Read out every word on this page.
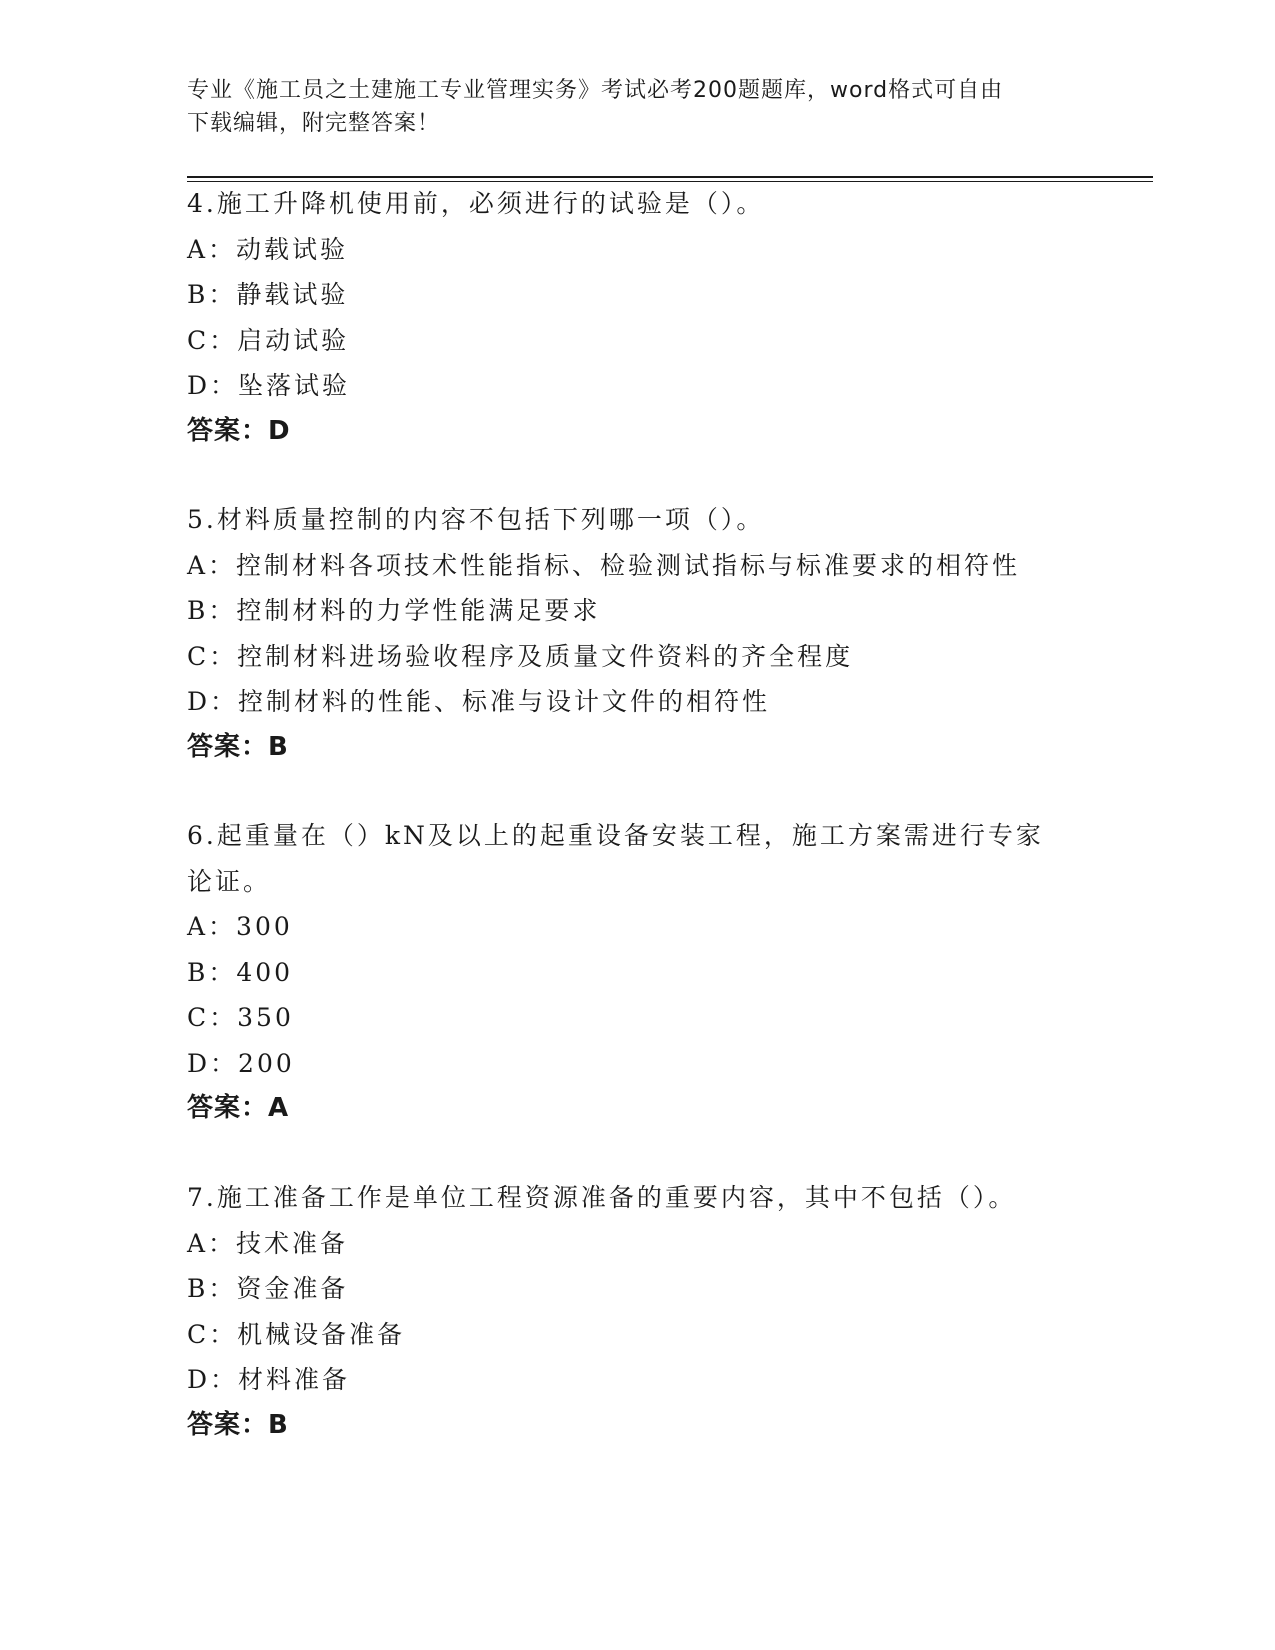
专业《施工员之土建施工专业管理实务》考试必考200题题库，word格式可自由
下载编辑，附完整答案！
4.施工升降机使用前，必须进行的试验是（）。
A：动载试验
B：静载试验
C：启动试验
D：坠落试验
答案：D
5.材料质量控制的内容不包括下列哪一项（）。
A：控制材料各项技术性能指标、检验测试指标与标准要求的相符性
B：控制材料的力学性能满足要求
C：控制材料进场验收程序及质量文件资料的齐全程度
D：控制材料的性能、标准与设计文件的相符性
答案：B
6.起重量在（）kN及以上的起重设备安装工程，施工方案需进行专家论证。
A：300
B：400
C：350
D：200
答案：A
7.施工准备工作是单位工程资源准备的重要内容，其中不包括（）。
A：技术准备
B：资金准备
C：机械设备准备
D：材料准备
答案：B
